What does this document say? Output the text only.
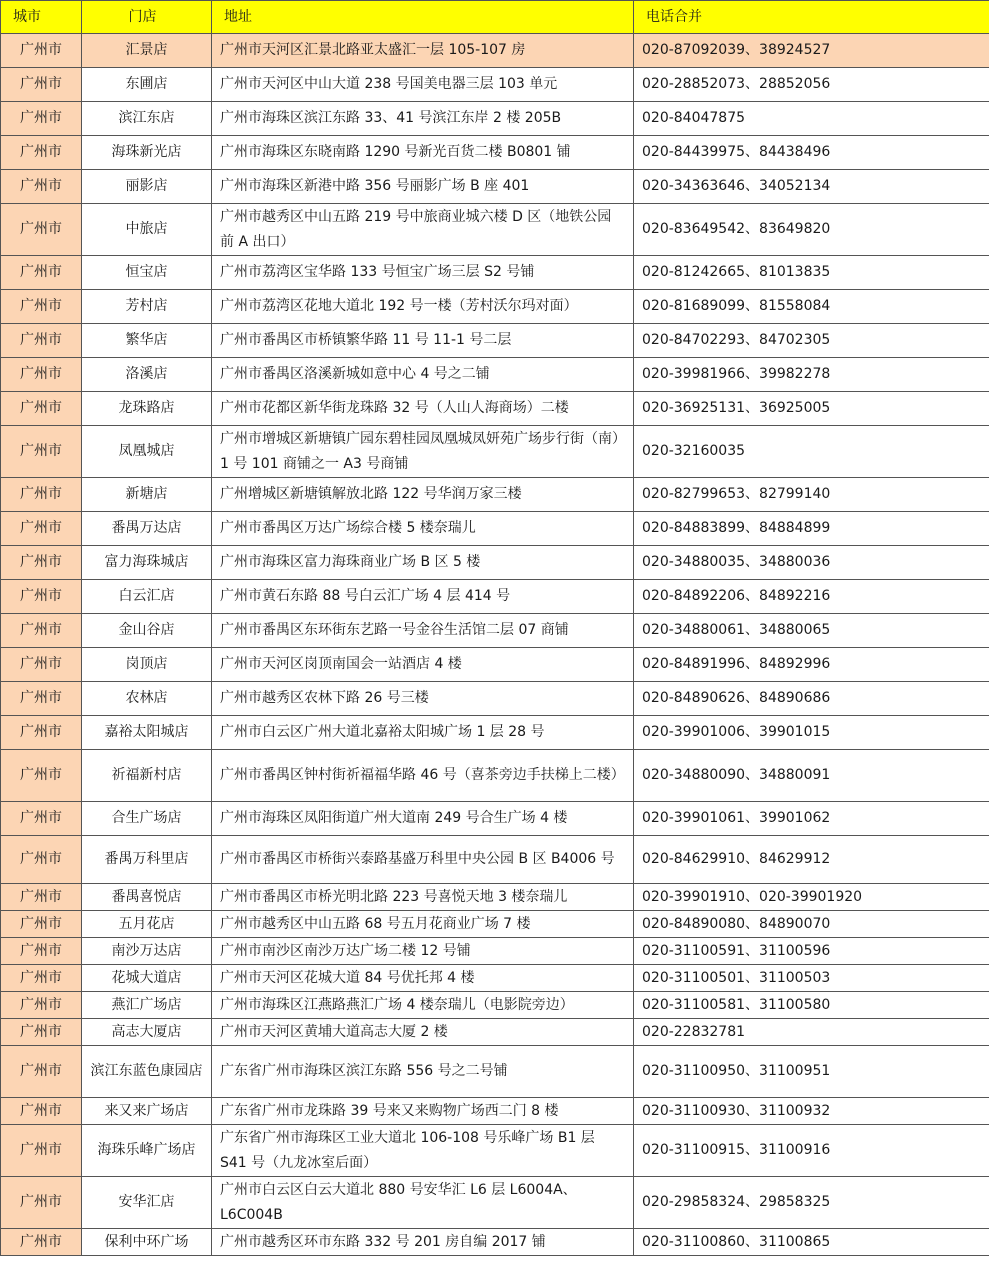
城市	门店	地址	电话合并
广州市	汇景店	广州市天河区汇景北路亚太盛汇一层 105-107 房	020-87092039、38924527
广州市	东圃店	广州市天河区中山大道 238 号国美电器三层 103 单元	020-28852073、28852056
广州市	滨江东店	广州市海珠区滨江东路 33、41 号滨江东岸 2 楼 205B	020-84047875
广州市	海珠新光店	广州市海珠区东晓南路 1290 号新光百货二楼 B0801 铺	020-84439975、84438496
广州市	丽影店	广州市海珠区新港中路 356 号丽影广场 B 座 401	020-34363646、34052134
广州市	中旅店	广州市越秀区中山五路 219 号中旅商业城六楼 D 区（地铁公园前 A 出口）	020-83649542、83649820
广州市	恒宝店	广州市荔湾区宝华路 133 号恒宝广场三层 S2 号铺	020-81242665、81013835
广州市	芳村店	广州市荔湾区花地大道北 192 号一楼（芳村沃尔玛对面）	020-81689099、81558084
广州市	繁华店	广州市番禺区市桥镇繁华路 11 号 11-1 号二层	020-84702293、84702305
广州市	洛溪店	广州市番禺区洛溪新城如意中心 4 号之二铺	020-39981966、39982278
广州市	龙珠路店	广州市花都区新华街龙珠路 32 号（人山人海商场）二楼	020-36925131、36925005
广州市	凤凰城店	广州市增城区新塘镇广园东碧桂园凤凰城凤妍苑广场步行街（南）1 号 101 商铺之一 A3 号商铺	020-32160035
广州市	新塘店	广州增城区新塘镇解放北路 122 号华润万家三楼	020-82799653、82799140
广州市	番禺万达店	广州市番禺区万达广场综合楼 5 楼奈瑞儿	020-84883899、84884899
广州市	富力海珠城店	广州市海珠区富力海珠商业广场 B 区 5 楼	020-34880035、34880036
广州市	白云汇店	广州市黄石东路 88 号白云汇广场 4 层 414 号	020-84892206、84892216
广州市	金山谷店	广州市番禺区东环街东艺路一号金谷生活馆二层 07 商铺	020-34880061、34880065
广州市	岗顶店	广州市天河区岗顶南国会一站酒店 4 楼	020-84891996、84892996
广州市	农林店	广州市越秀区农林下路 26 号三楼	020-84890626、84890686
广州市	嘉裕太阳城店	广州市白云区广州大道北嘉裕太阳城广场 1 层 28 号	020-39901006、39901015
广州市	祈福新村店	广州市番禺区钟村街祈福福华路 46 号（喜茶旁边手扶梯上二楼）	020-34880090、34880091
广州市	合生广场店	广州市海珠区凤阳街道广州大道南 249 号合生广场 4 楼	020-39901061、39901062
广州市	番禺万科里店	广州市番禺区市桥街兴泰路基盛万科里中央公园 B 区 B4006 号	020-84629910、84629912
广州市	番禺喜悦店	广州市番禺区市桥光明北路 223 号喜悦天地 3 楼奈瑞儿	020-39901910、020-39901920
广州市	五月花店	广州市越秀区中山五路 68 号五月花商业广场 7 楼	020-84890080、84890070
广州市	南沙万达店	广州市南沙区南沙万达广场二楼 12 号铺	020-31100591、31100596
广州市	花城大道店	广州市天河区花城大道 84 号优托邦 4 楼	020-31100501、31100503
广州市	燕汇广场店	广州市海珠区江燕路燕汇广场 4 楼奈瑞儿（电影院旁边）	020-31100581、31100580
广州市	高志大厦店	广州市天河区黄埔大道高志大厦 2 楼	020-22832781
广州市	滨江东蓝色康园店	广东省广州市海珠区滨江东路 556 号之二号铺	020-31100950、31100951
广州市	来又来广场店	广东省广州市龙珠路 39 号来又来购物广场西二门 8 楼	020-31100930、31100932
广州市	海珠乐峰广场店	广东省广州市海珠区工业大道北 106-108 号乐峰广场 B1 层 S41 号（九龙冰室后面）	020-31100915、31100916
广州市	安华汇店	广州市白云区白云大道北 880 号安华汇 L6 层 L6004A、L6C004B	020-29858324、29858325
广州市	保利中环广场	广州市越秀区环市东路 332 号 201 房自编 2017 铺	020-31100860、31100865
